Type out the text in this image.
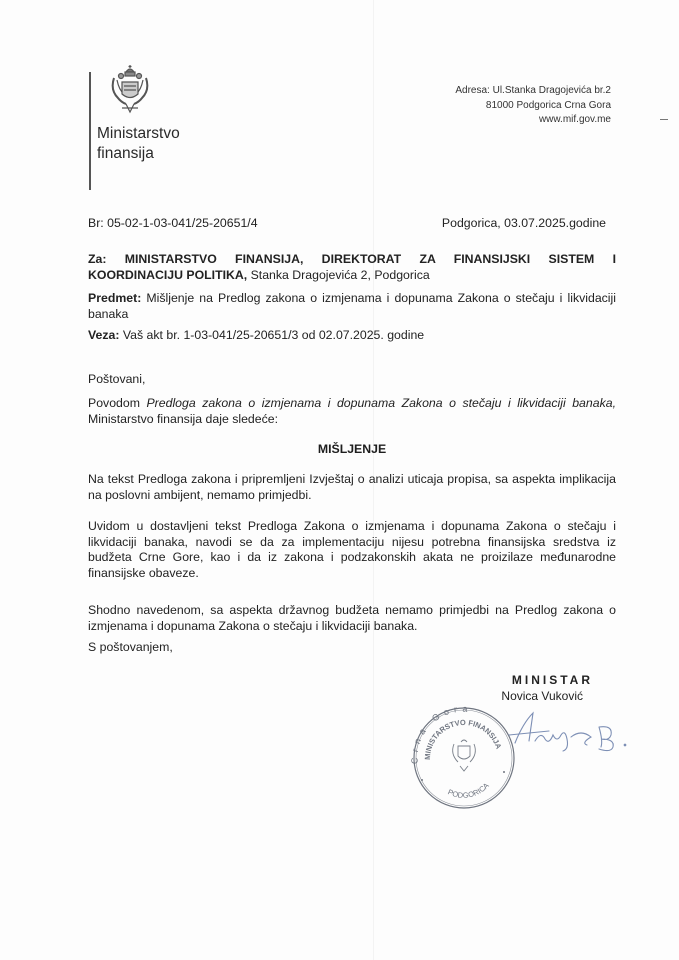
Ministarstvo
finansija
Adresa: Ul.Stanka Dragojevića br.2
81000 Podgorica Crna Gora
www.mif.gov.me
Br: 05-02-1-03-041/25-20651/4	Podgorica, 03.07.2025.godine
Za: MINISTARSTVO FINANSIJA, DIREKTORAT ZA FINANSIJSKI SISTEM I
KOORDINACIJU POLITIKA, Stanka Dragojevića 2, Podgorica
Predmet: Mišljenje na Predlog zakona o izmjenama i dopunama Zakona o stečaju i likvidaciji banaka
Veza: Vaš akt br. 1-03-041/25-20651/3 od 02.07.2025. godine
Poštovani,
Povodom Predloga zakona o izmjenama i dopunama Zakona o stečaju i likvidaciji banaka, Ministarstvo finansija daje sledeće:
MIŠLJENJE
Na tekst Predloga zakona i pripremljeni Izvještaj o analizi uticaja propisa, sa aspekta implikacija na poslovni ambijent, nemamo primjedbi.
Uvidom u dostavljeni tekst Predloga Zakona o izmjenama i dopunama Zakona o stečaju i likvidaciji banaka, navodi se da za implementaciju nijesu potrebna finansijska sredstva iz budžeta Crne Gore, kao i da iz zakona i podzakonskih akata ne proizilaze međunarodne finansijske obaveze.
Shodno navedenom, sa aspekta državnog budžeta nemamo primjedbi na Predlog zakona o izmjenama i dopunama Zakona o stečaju i likvidaciji banaka.
S poštovanjem,
MINISTAR
Novica Vuković
Crna Gora
MINISTARSTVO FINANSIJA
PODGORICA
